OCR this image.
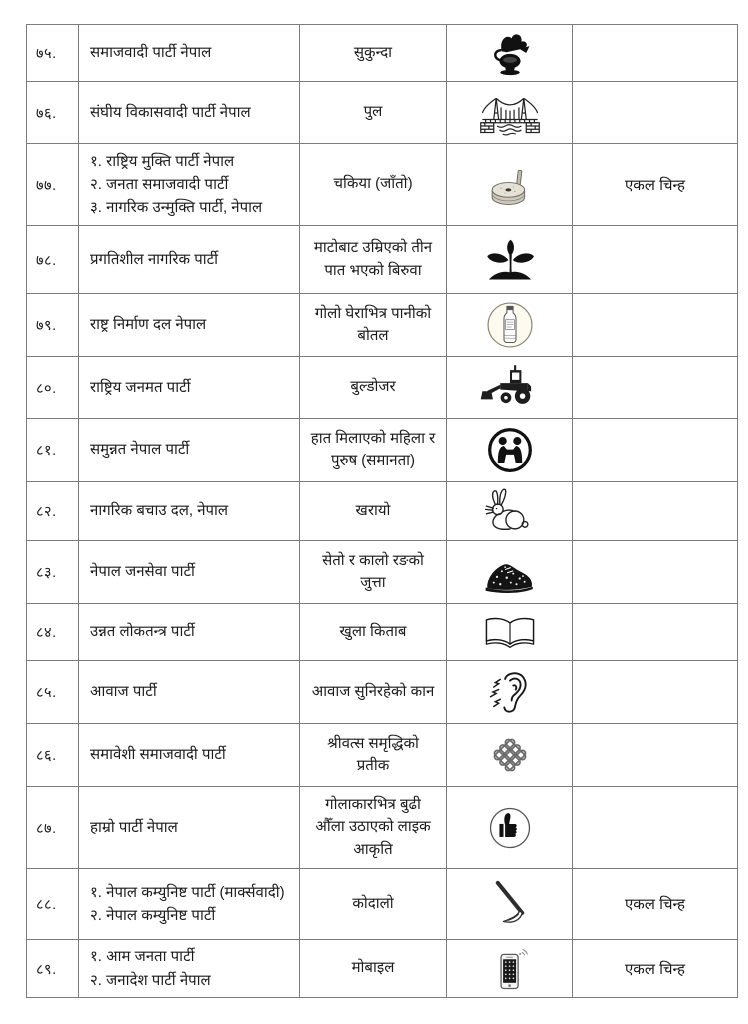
७५.	समाजवादी पार्टी नेपाल	सुकुन्दा		
७६.	संघीय विकासवादी पार्टी नेपाल	पुल		
७७.	१. राष्ट्रिय मुक्ति पार्टी नेपाल
२. जनता समाजवादी पार्टी
३. नागरिक उन्मुक्ति पार्टी, नेपाल	चकिया (जाँतो)		एकल चिन्ह
७८.	प्रगतिशील नागरिक पार्टी	माटोबाट उम्रिएको तीन पात भएको बिरुवा		
७९.	राष्ट्र निर्माण दल नेपाल	गोलो घेराभित्र पानीको बोतल		
८०.	राष्ट्रिय जनमत पार्टी	बुल्डोजर		
८१.	समुन्नत नेपाल पार्टी	हात मिलाएको महिला र पुरुष (समानता)		
८२.	नागरिक बचाउ दल, नेपाल	खरायो		
८३.	नेपाल जनसेवा पार्टी	सेतो र कालो रङको जुत्ता		
८४.	उन्नत लोकतन्त्र पार्टी	खुला किताब		
८५.	आवाज पार्टी	आवाज सुनिरहेको कान		
८६.	समावेशी समाजवादी पार्टी	श्रीवत्स समृद्धिको प्रतीक		
८७.	हाम्रो पार्टी नेपाल	गोलाकारभित्र बुढी औँला उठाएको लाइक आकृति		
८८.	१. नेपाल कम्युनिष्ट पार्टी (मार्क्सवादी)
२. नेपाल कम्युनिष्ट पार्टी	कोदालो		एकल चिन्ह
८९.	१. आम जनता पार्टी
२. जनादेश पार्टी नेपाल	मोबाइल		एकल चिन्ह
